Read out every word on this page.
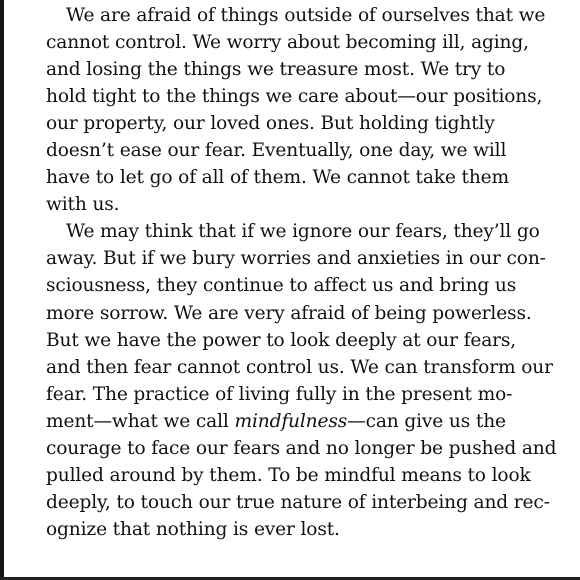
We are afraid of things outside of ourselves that we
cannot control. We worry about becoming ill, aging,
and losing the things we treasure most. We try to
hold tight to the things we care about—our positions,
our property, our loved ones. But holding tightly
doesn’t ease our fear. Eventually, one day, we will
have to let go of all of them. We cannot take them
with us.
We may think that if we ignore our fears, they’ll go
away. But if we bury worries and anxieties in our con-
sciousness, they continue to affect us and bring us
more sorrow. We are very afraid of being powerless.
But we have the power to look deeply at our fears,
and then fear cannot control us. We can transform our
fear. The practice of living fully in the present mo-
ment—what we call mindfulness—can give us the
courage to face our fears and no longer be pushed and
pulled around by them. To be mindful means to look
deeply, to touch our true nature of interbeing and rec-
ognize that nothing is ever lost.
